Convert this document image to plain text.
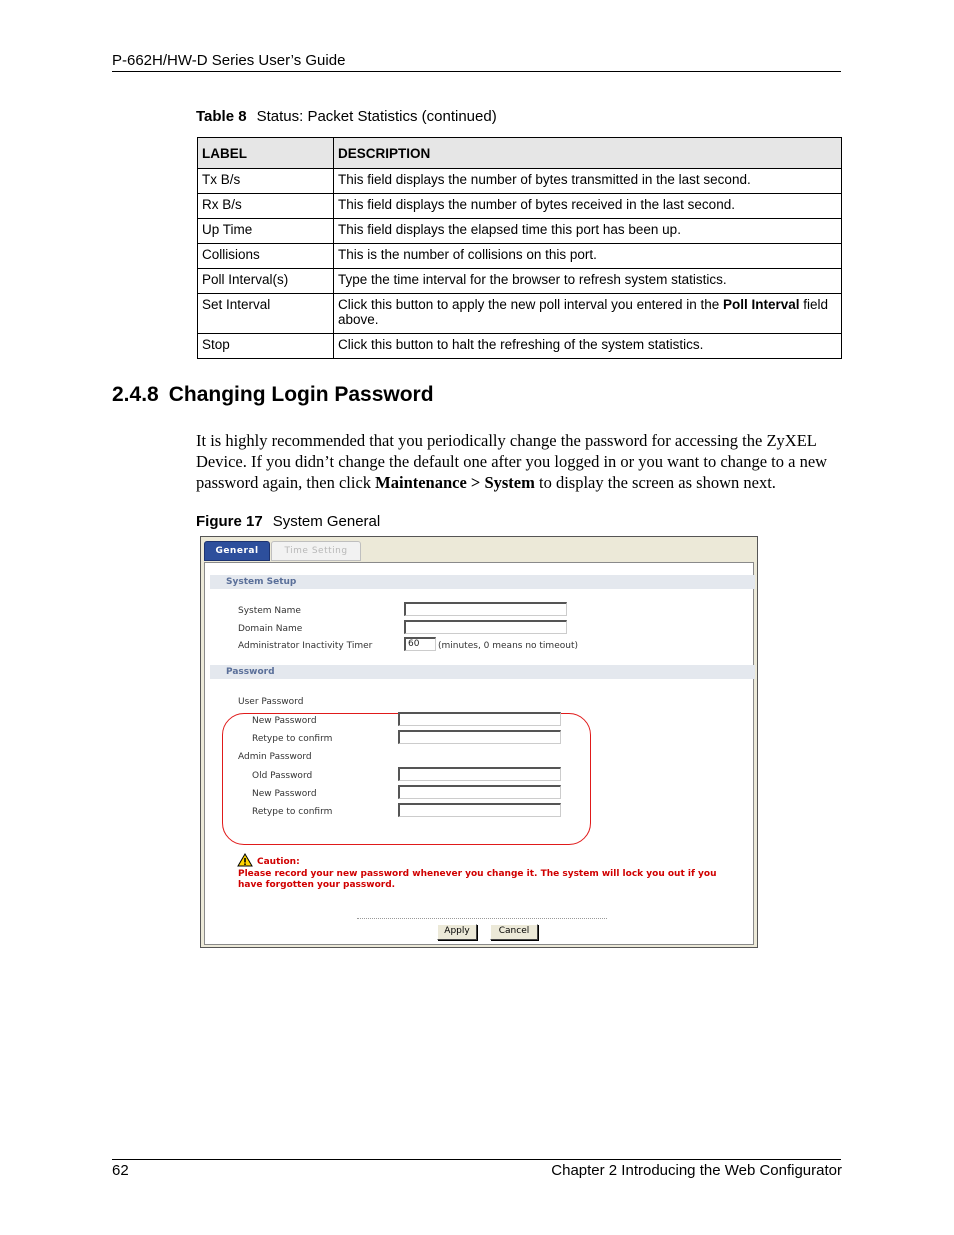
P-662H/HW-D Series User’s Guide
Table 8 Status: Packet Statistics (continued)
LABEL	DESCRIPTION
Tx B/s	This field displays the number of bytes transmitted in the last second.
Rx B/s	This field displays the number of bytes received in the last second.
Up Time	This field displays the elapsed time this port has been up.
Collisions	This is the number of collisions on this port.
Poll Interval(s)	Type the time interval for the browser to refresh system statistics.
Set Interval	Click this button to apply the new poll interval you entered in the Poll Interval field above.
Stop	Click this button to halt the refreshing of the system statistics.
2.4.8 Changing Login Password
It is highly recommended that you periodically change the password for accessing the ZyXEL Device. If you didn’t change the default one after you logged in or you want to change to a new password again, then click Maintenance > System to display the screen as shown next.
Figure 17 System General
General	Time Setting
System Setup
System Name
Domain Name
Administrator Inactivity Timer	60	(minutes, 0 means no timeout)
Password
User Password
New Password
Retype to confirm
Admin Password
Old Password
New Password
Retype to confirm
Caution:
Please record your new password whenever you change it. The system will lock you out if you have forgotten your password.
Apply	Cancel
62	Chapter 2 Introducing the Web Configurator
